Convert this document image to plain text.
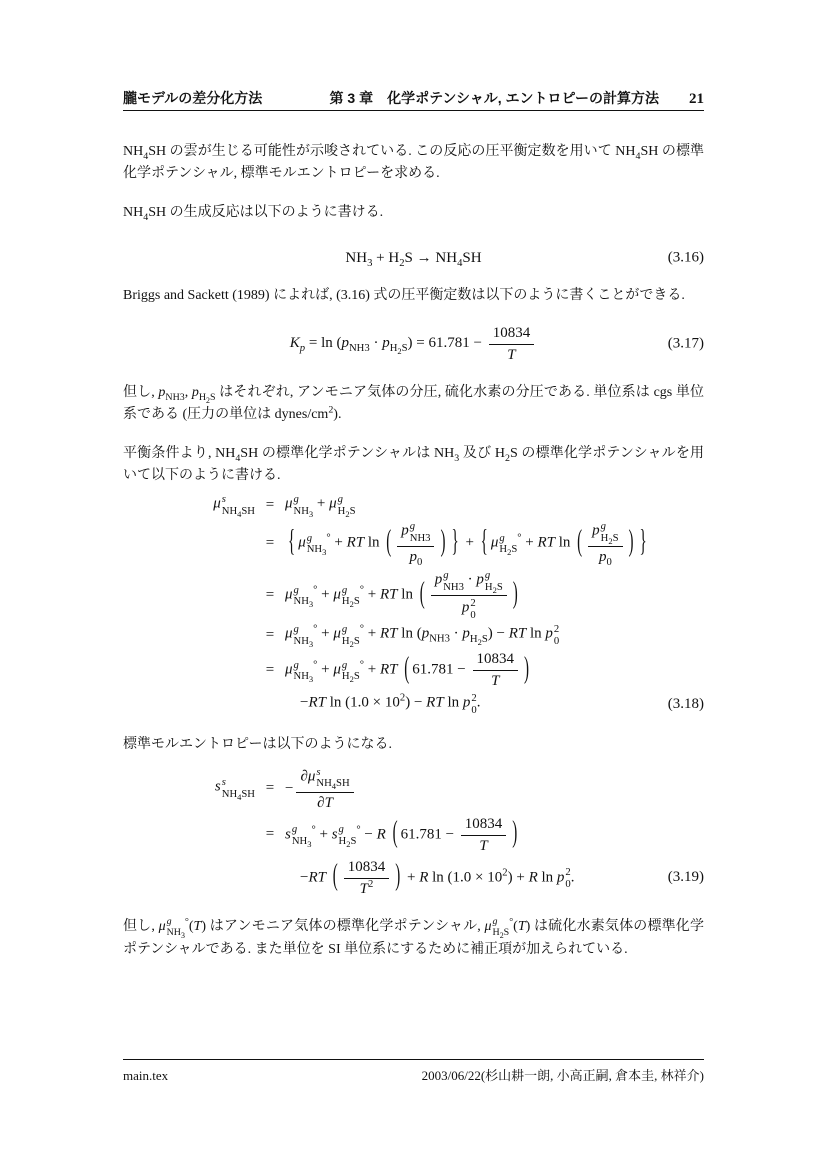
朧モデルの差分化方法	第 3 章　化学ポテンシャル, エントロピーの計算方法 21

$NH_4SH$ の雲が生じる可能性が示唆されている. この反応の圧平衡定数を用いて $NH_4SH$ の標準化学ポテンシャル, 標準モルエントロピーを求める.

$NH_4SH$ の生成反応は以下のように書ける.

$NH_3 + H_2S \to NH_4SH$	(3.16)

Briggs and Sackett (1989) によれば, (3.16) 式の圧平衡定数は以下のように書くことができる.

$K_p = \ln (p_{NH3} \cdot p_{H_2S}) = 61.781 - \frac{10834}{T}$	(3.17)

但し, $p_{NH3}$, $p_{H_2S}$ はそれぞれ, アンモニア気体の分圧, 硫化水素の分圧である. 単位系は cgs 単位系である (圧力の単位は dynes/$cm^2$).

平衡条件より, $NH_4SH$ の標準化学ポテンシャルは $NH_3$ 及び $H_2S$ の標準化学ポテンシャルを用いて以下のように書ける.

μ s
$NH_4SH = \mu$ g
$NH_3$
+ μ g
$H_2S$
= { μ g
$NH_3$
° + RT ln ( p g
NH3
$p_0$ ) } + { μ g
$H_2S$
° + RT ln ( p g
$H_2S$
$p_0$ ) }
= μ g
$NH_3$
° + μ g
$H_2S$
° + RT ln ( p g
NH3 · p g
$H_2S$
p 2
0 )
= μ g
$NH_3$
° + μ g
$H_2S$
° + RT $\ln (p_{NH3} \cdot p_{H_2S})$ − RT ln p 2
0
= μ g
$NH_3$
° + μ g
$H_2S$
° + RT ( $61.781 - \frac{10834}{T}$ )
−RT $\ln (1.0 \times 10^2)$ − RT ln p 2
0 .	(3.18)

標準モルエントロピーは以下のようになる.

s s
$NH_4SH$ = − ∂μ s
$NH_4SH$
∂T
= s g
$NH_3$
° + s g
$H_2S$
° − R ( $61.781 - \frac{10834}{T}$ )
−RT ( $\frac{10834}{T^2}$ ) + R $\ln (1.0 \times 10^2) + R$ ln p 2
0 .	(3.19)

但し, μ g
$NH_3$
°(T) はアンモニア気体の標準化学ポテンシャル, μ g
$H_2S$
°(T) は硫化水素気体の標準化学ポテンシャルである. また単位を SI 単位系にするために補正項が加えられている.

main.tex	2003/06/22(杉山耕一朗, 小高正嗣, 倉本圭, 林祥介)
